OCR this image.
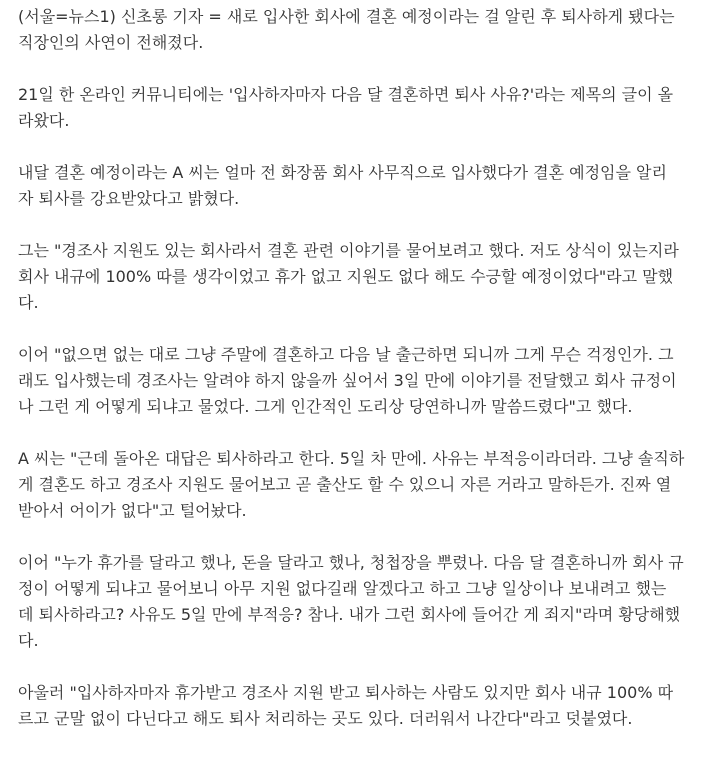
(서울=뉴스1) 신초롱 기자 = 새로 입사한 회사에 결혼 예정이라는 걸 알린 후 퇴사하게 됐다는
직장인의 사연이 전해졌다.

21일 한 온라인 커뮤니티에는 '입사하자마자 다음 달 결혼하면 퇴사 사유?'라는 제목의 글이 올
라왔다.

내달 결혼 예정이라는 A 씨는 얼마 전 화장품 회사 사무직으로 입사했다가 결혼 예정임을 알리
자 퇴사를 강요받았다고 밝혔다.

그는 "경조사 지원도 있는 회사라서 결혼 관련 이야기를 물어보려고 했다. 저도 상식이 있는지라
회사 내규에 100% 따를 생각이었고 휴가 없고 지원도 없다 해도 수긍할 예정이었다"라고 말했
다.

이어 "없으면 없는 대로 그냥 주말에 결혼하고 다음 날 출근하면 되니까 그게 무슨 걱정인가. 그
래도 입사했는데 경조사는 알려야 하지 않을까 싶어서 3일 만에 이야기를 전달했고 회사 규정이
나 그런 게 어떻게 되냐고 물었다. 그게 인간적인 도리상 당연하니까 말씀드렸다"고 했다.

A 씨는 "근데 돌아온 대답은 퇴사하라고 한다. 5일 차 만에. 사유는 부적응이라더라. 그냥 솔직하
게 결혼도 하고 경조사 지원도 물어보고 곧 출산도 할 수 있으니 자른 거라고 말하든가. 진짜 열
받아서 어이가 없다"고 털어놨다.

이어 "누가 휴가를 달라고 했나, 돈을 달라고 했나, 청첩장을 뿌렸나. 다음 달 결혼하니까 회사 규
정이 어떻게 되냐고 물어보니 아무 지원 없다길래 알겠다고 하고 그냥 일상이나 보내려고 했는
데 퇴사하라고? 사유도 5일 만에 부적응? 참나. 내가 그런 회사에 들어간 게 죄지"라며 황당해했
다.

아울러 "입사하자마자 휴가받고 경조사 지원 받고 퇴사하는 사람도 있지만 회사 내규 100% 따
르고 군말 없이 다닌다고 해도 퇴사 처리하는 곳도 있다. 더러워서 나간다"라고 덧붙였다.
